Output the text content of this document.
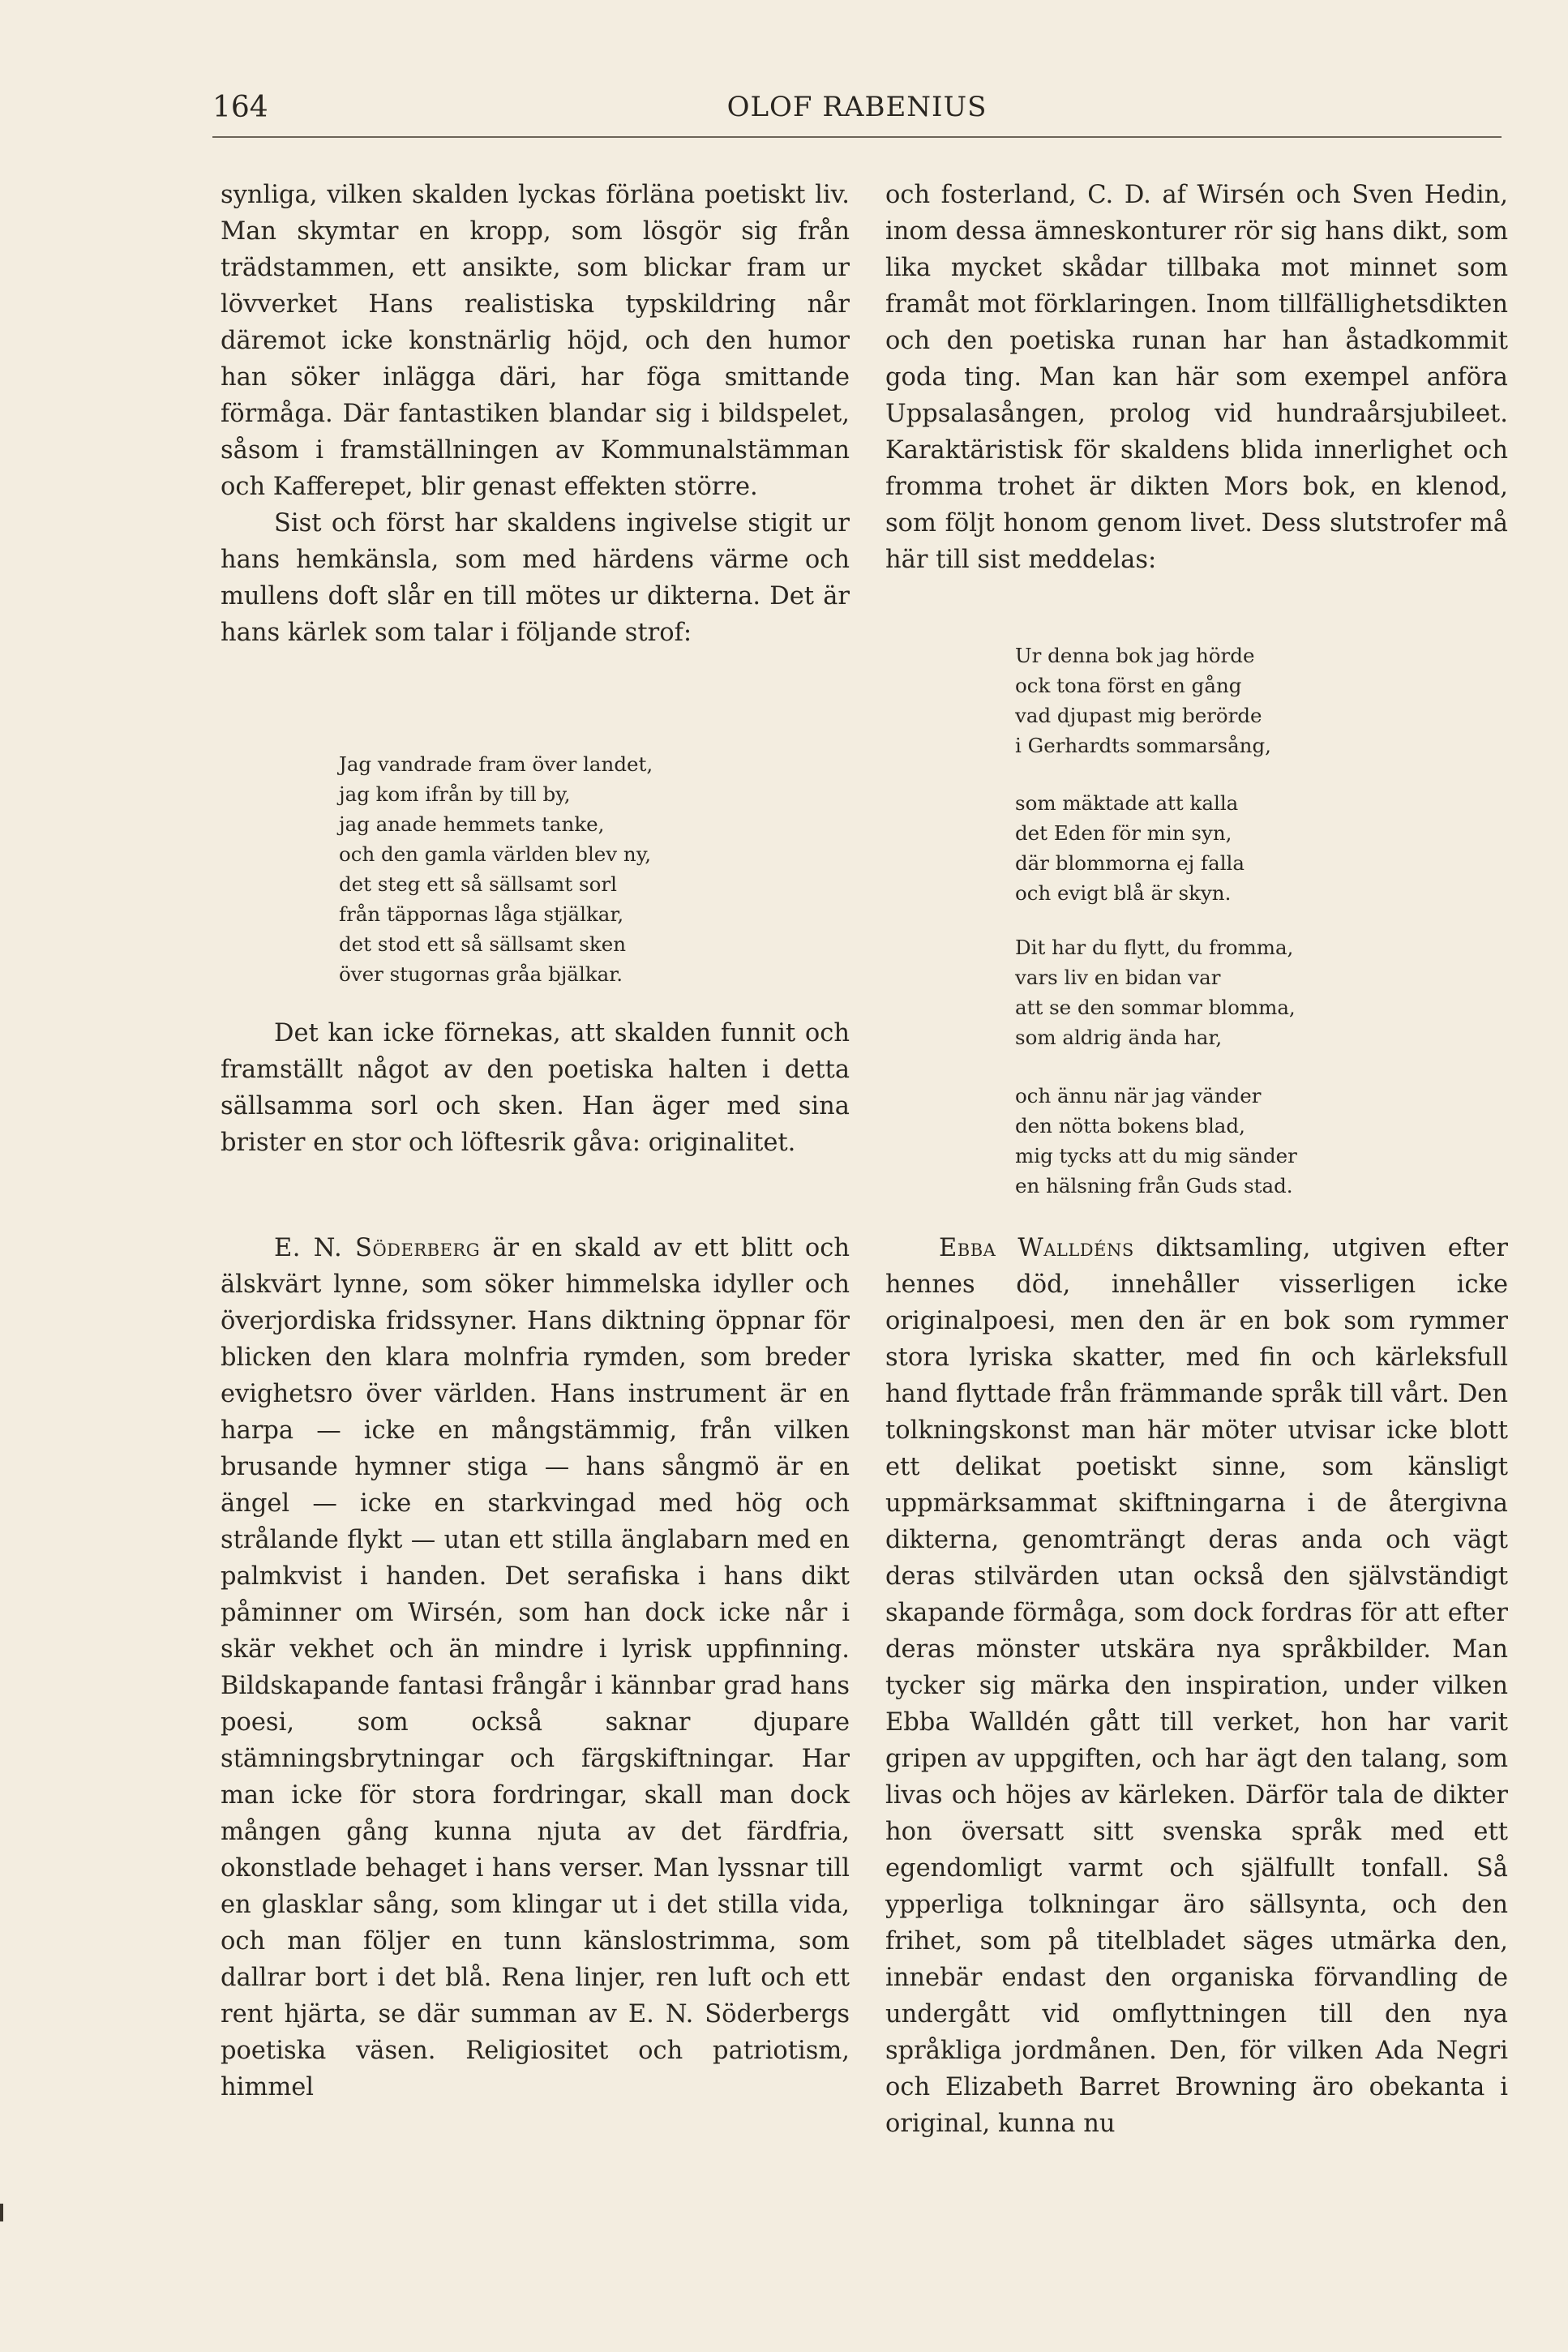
164	OLOF RABENIUS

synliga, vilken skalden lyckas förläna poetiskt liv. Man skymtar en kropp, som lösgör sig från trädstammen, ett ansikte, som blickar fram ur lövverket Hans realistiska typskildring når däremot icke konstnärlig höjd, och den humor han söker inlägga däri, har föga smittande förmåga. Där fantastiken blandar sig i bildspelet, såsom i framställningen av Kommunalstämman och Kafferepet, blir genast effekten större.

Sist och först har skaldens ingivelse stigit ur hans hemkänsla, som med härdens värme och mullens doft slår en till mötes ur dikterna. Det är hans kärlek som talar i följande strof:

Jag vandrade fram över landet,
jag kom ifrån by till by,
jag anade hemmets tanke,
och den gamla världen blev ny,
det steg ett så sällsamt sorl
från täppornas låga stjälkar,
det stod ett så sällsamt sken
över stugornas gråa bjälkar.

Det kan icke förnekas, att skalden funnit och framställt något av den poetiska halten i detta sällsamma sorl och sken. Han äger med sina brister en stor och löftesrik gåva: originalitet.

E. N. Söderberg är en skald av ett blitt och älskvärt lynne, som söker himmelska idyller och överjordiska fridssyner. Hans diktning öppnar för blicken den klara molnfria rymden, som breder evighetsro över världen. Hans instrument är en harpa — icke en mångstämmig, från vilken brusande hymner stiga — hans sångmö är en ängel — icke en starkvingad med hög och strålande flykt — utan ett stilla änglabarn med en palmkvist i handen. Det serafiska i hans dikt påminner om Wirsén, som han dock icke når i skär vekhet och än mindre i lyrisk uppfinning. Bildskapande fantasi frångår i kännbar grad hans poesi, som också saknar djupare stämningsbrytningar och färgskiftningar. Har man icke för stora fordringar, skall man dock mången gång kunna njuta av det färdfria, okonstlade behaget i hans verser. Man lyssnar till en glasklar sång, som klingar ut i det stilla vida, och man följer en tunn känslostrimma, som dallrar bort i det blå. Rena linjer, ren luft och ett rent hjärta, se där summan av E. N. Söderbergs poetiska väsen. Religiositet och patriotism, himmel

och fosterland, C. D. af Wirsén och Sven Hedin, inom dessa ämneskonturer rör sig hans dikt, som lika mycket skådar tillbaka mot minnet som framåt mot förklaringen. Inom tillfällighetsdikten och den poetiska runan har han åstadkommit goda ting. Man kan här som exempel anföra Uppsalasången, prolog vid hundraårsjubileet. Karaktäristisk för skaldens blida innerlighet och fromma trohet är dikten Mors bok, en klenod, som följt honom genom livet. Dess slutstrofer må här till sist meddelas:

Ur denna bok jag hörde
ock tona först en gång
vad djupast mig berörde
i Gerhardts sommarsång,
som mäktade att kalla
det Eden för min syn,
där blommorna ej falla
och evigt blå är skyn.
Dit har du flytt, du fromma,
vars liv en bidan var
att se den sommar blomma,
som aldrig ända har,
och ännu när jag vänder
den nötta bokens blad,
mig tycks att du mig sänder
en hälsning från Guds stad.

Ebba Walldéns diktsamling, utgiven efter hennes död, innehåller visserligen icke originalpoesi, men den är en bok som rymmer stora lyriska skatter, med fin och kärleksfull hand flyttade från främmande språk till vårt. Den tolkningskonst man här möter utvisar icke blott ett delikat poetiskt sinne, som känsligt uppmärksammat skiftningarna i de återgivna dikterna, genomträngt deras anda och vägt deras stilvärden utan också den självständigt skapande förmåga, som dock fordras för att efter deras mönster utskära nya språkbilder. Man tycker sig märka den inspiration, under vilken Ebba Walldén gått till verket, hon har varit gripen av uppgiften, och har ägt den talang, som livas och höjes av kärleken. Därför tala de dikter hon översatt sitt svenska språk med ett egendomligt varmt och själfullt tonfall. Så ypperliga tolkningar äro sällsynta, och den frihet, som på titelbladet säges utmärka den, innebär endast den organiska förvandling de undergått vid omflyttningen till den nya språkliga jordmånen. Den, för vilken Ada Negri och Elizabeth Barret Browning äro obekanta i original, kunna nu
